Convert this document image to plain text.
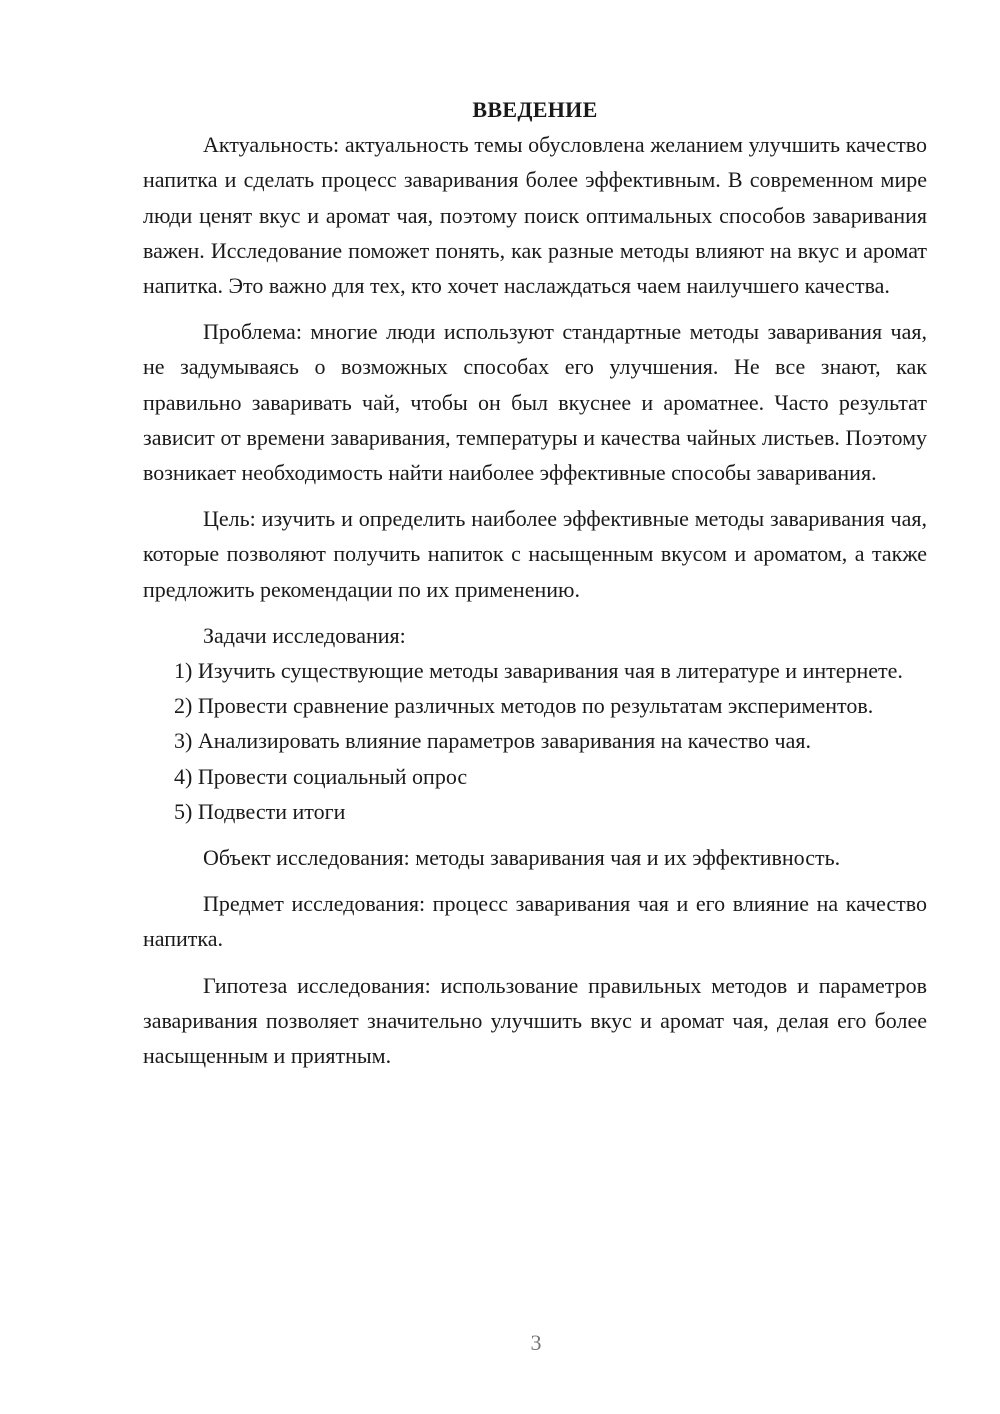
ВВЕДЕНИЕ

Актуальность: актуальность темы обусловлена желанием улучшить качество напитка и сделать процесс заваривания более эффективным. В современном мире люди ценят вкус и аромат чая, поэтому поиск оптимальных способов заваривания важен. Исследование поможет понять, как разные методы влияют на вкус и аромат напитка. Это важно для тех, кто хочет наслаждаться чаем наилучшего качества.

Проблема: многие люди используют стандартные методы заваривания чая, не задумываясь о возможных способах его улучшения. Не все знают, как правильно заваривать чай, чтобы он был вкуснее и ароматнее. Часто результат зависит от времени заваривания, температуры и качества чайных листьев. Поэтому возникает необходимость найти наиболее эффективные способы заваривания.

Цель: изучить и определить наиболее эффективные методы заваривания чая, которые позволяют получить напиток с насыщенным вкусом и ароматом, а также предложить рекомендации по их применению.

Задачи исследования:

1) Изучить существующие методы заваривания чая в литературе и интернете.

2) Провести сравнение различных методов по результатам экспериментов.

3) Анализировать влияние параметров заваривания на качество чая.

4) Провести социальный опрос

5) Подвести итоги

Объект исследования: методы заваривания чая и их эффективность.

Предмет исследования: процесс заваривания чая и его влияние на качество напитка.

Гипотеза исследования: использование правильных методов и параметров заваривания позволяет значительно улучшить вкус и аромат чая, делая его более насыщенным и приятным.

3
